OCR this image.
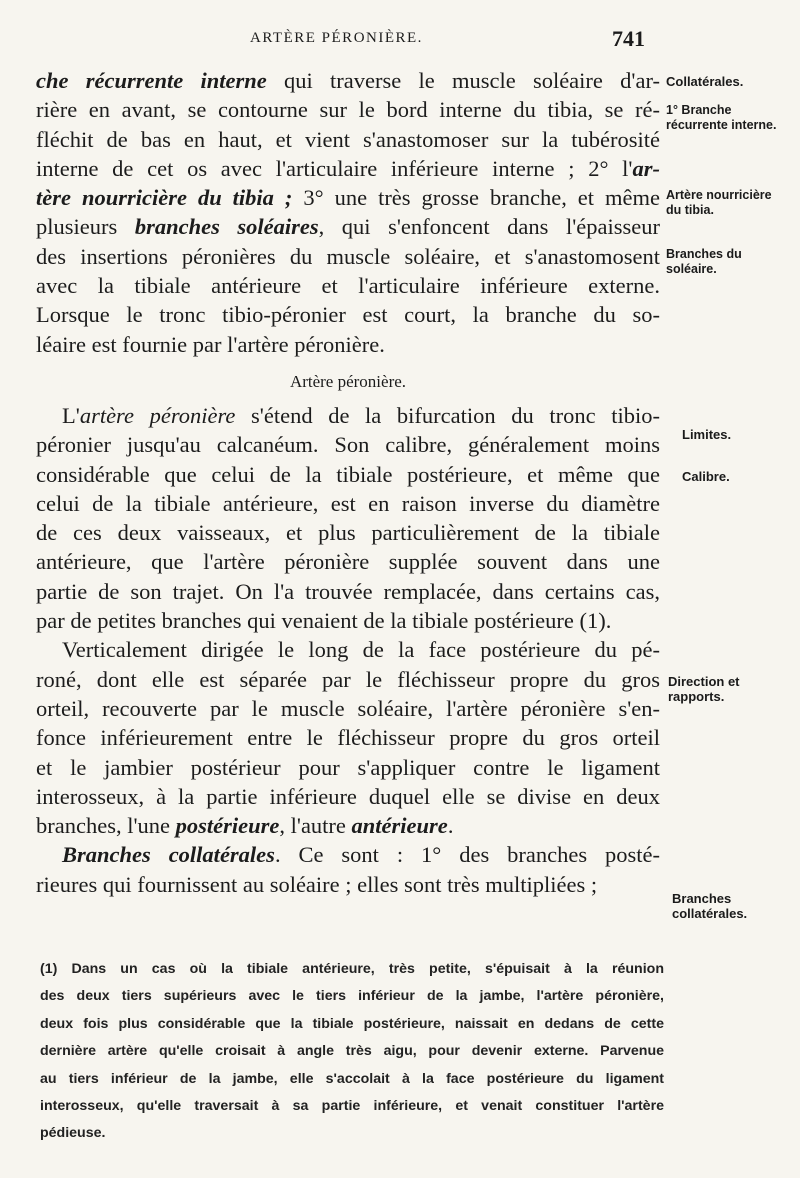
ARTÈRE PÉRONIÈRE.	741
che récurrente interne qui traverse le muscle soléaire d'ar-
rière en avant, se contourne sur le bord interne du tibia, se ré-
fléchit de bas en haut, et vient s'anastomoser sur la tubérosité
interne de cet os avec l'articulaire inférieure interne ; 2° l'ar-
tère nourricière du tibia ; 3° une très grosse branche, et même
plusieurs branches soléaires, qui s'enfoncent dans l'épaisseur
des insertions péronières du muscle soléaire, et s'anastomosent
avec la tibiale antérieure et l'articulaire inférieure externe.
Lorsque le tronc tibio-péronier est court, la branche du so-
léaire est fournie par l'artère péronière.
Artère péronière.
L'artère péronière s'étend de la bifurcation du tronc tibio-
péronier jusqu'au calcanéum. Son calibre, généralement moins
considérable que celui de la tibiale postérieure, et même que
celui de la tibiale antérieure, est en raison inverse du diamètre
de ces deux vaisseaux, et plus particulièrement de la tibiale
antérieure, que l'artère péronière supplée souvent dans une
partie de son trajet. On l'a trouvée remplacée, dans certains cas,
par de petites branches qui venaient de la tibiale postérieure (1).
Verticalement dirigée le long de la face postérieure du pé-
roné, dont elle est séparée par le fléchisseur propre du gros
orteil, recouverte par le muscle soléaire, l'artère péronière s'en-
fonce inférieurement entre le fléchisseur propre du gros orteil
et le jambier postérieur pour s'appliquer contre le ligament
interosseux, à la partie inférieure duquel elle se divise en deux
branches, l'une postérieure, l'autre antérieure.
Branches collatérales. Ce sont : 1° des branches posté-
rieures qui fournissent au soléaire ; elles sont très multipliées ;
Collatérales.
1° Branche récurrente interne.
Artère nourricière du tibia.
Branches du soléaire.
Limites.
Calibre.
Direction et rapports.
Branches collatérales.
(1) Dans un cas où la tibiale antérieure, très petite, s'épuisait à la réunion
des deux tiers supérieurs avec le tiers inférieur de la jambe, l'artère péronière,
deux fois plus considérable que la tibiale postérieure, naissait en dedans de cette
dernière artère qu'elle croisait à angle très aigu, pour devenir externe. Parvenue
au tiers inférieur de la jambe, elle s'accolait à la face postérieure du ligament
interosseux, qu'elle traversait à sa partie inférieure, et venait constituer l'artère
pédieuse.
